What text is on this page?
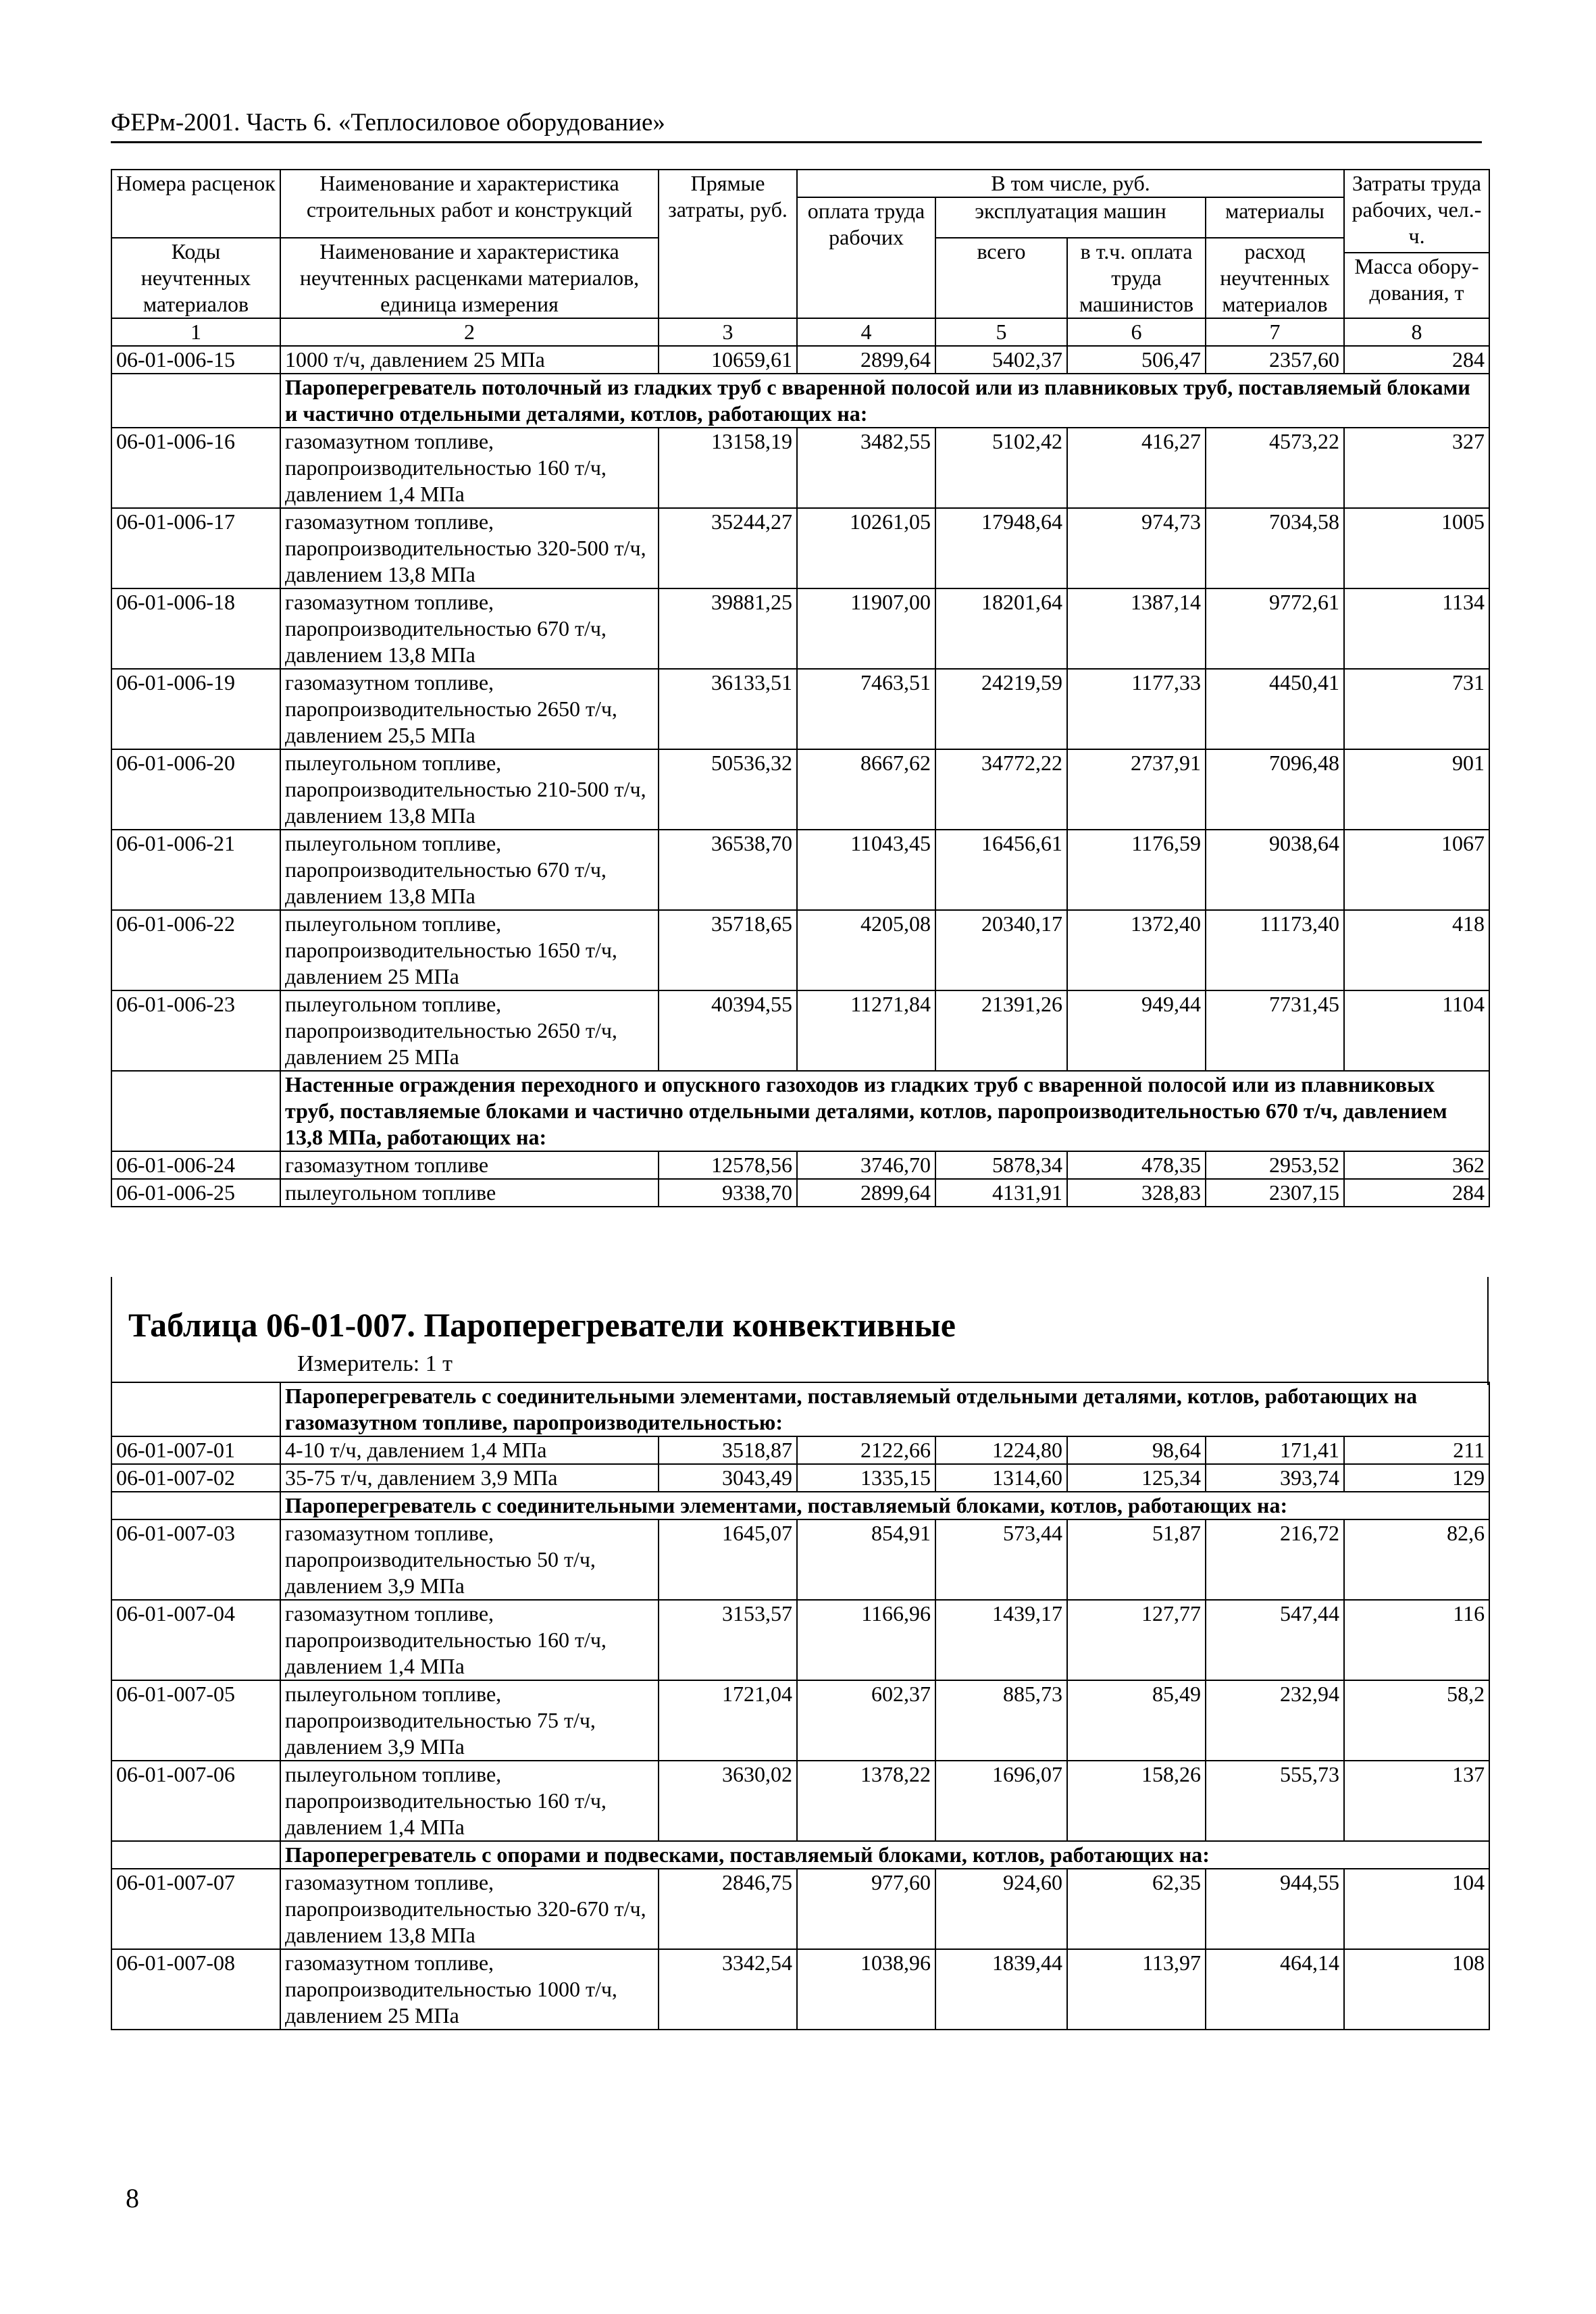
ФЕРм-2001. Часть 6. «Теплосиловое оборудование»
Номера расценок	Наименование и характеристика строительных работ и конструкций	Прямые затраты, руб.	В том числе, руб.				Затраты труда рабочих, чел.-ч.
			оплата труда рабочих	эксплуатация машин		материалы	
Коды неучтенных материалов	Наименование и характеристика неучтенных расценками материалов, единица измерения			всего	в т.ч. оплата труда машинистов	расход неучтенных материалов	
							Масса обору-дования, т
1	2	3	4	5	6	7	8
06-01-006-15	1000 т/ч, давлением 25 МПа	10659,61	2899,64	5402,37	506,47	2357,60	284
	Пароперегреватель потолочный из гладких труб с вваренной полосой или из плавниковых труб, поставляемый блоками и частично отдельными деталями, котлов, работающих на:						
06-01-006-16	газомазутном топливе, паропроизводительностью 160 т/ч, давлением 1,4 МПа	13158,19	3482,55	5102,42	416,27	4573,22	327
06-01-006-17	газомазутном топливе, паропроизводительностью 320-500 т/ч, давлением 13,8 МПа	35244,27	10261,05	17948,64	974,73	7034,58	1005
06-01-006-18	газомазутном топливе, паропроизводительностью 670 т/ч, давлением 13,8 МПа	39881,25	11907,00	18201,64	1387,14	9772,61	1134
06-01-006-19	газомазутном топливе, паропроизводительностью 2650 т/ч, давлением 25,5 МПа	36133,51	7463,51	24219,59	1177,33	4450,41	731
06-01-006-20	пылеугольном топливе, паропроизводительностью 210-500 т/ч, давлением 13,8 МПа	50536,32	8667,62	34772,22	2737,91	7096,48	901
06-01-006-21	пылеугольном топливе, паропроизводительностью 670 т/ч, давлением 13,8 МПа	36538,70	11043,45	16456,61	1176,59	9038,64	1067
06-01-006-22	пылеугольном топливе, паропроизводительностью 1650 т/ч, давлением 25 МПа	35718,65	4205,08	20340,17	1372,40	11173,40	418
06-01-006-23	пылеугольном топливе, паропроизводительностью 2650 т/ч, давлением 25 МПа	40394,55	11271,84	21391,26	949,44	7731,45	1104
	Настенные ограждения переходного и опускного газоходов из гладких труб с вваренной полосой или из плавниковых труб, поставляемые блоками и частично отдельными деталями, котлов, паропроизводительностью 670 т/ч, давлением 13,8 МПа, работающих на:						
06-01-006-24	газомазутном топливе	12578,56	3746,70	5878,34	478,35	2953,52	362
06-01-006-25	пылеугольном топливе	9338,70	2899,64	4131,91	328,83	2307,15	284
Таблица 06-01-007. Пароперегреватели конвективные
Измеритель: 1 т
	Пароперегреватель с соединительными элементами, поставляемый отдельными деталями, котлов, работающих на газомазутном топливе, паропроизводительностью:						
06-01-007-01	4-10 т/ч, давлением 1,4 МПа	3518,87	2122,66	1224,80	98,64	171,41	211
06-01-007-02	35-75 т/ч, давлением 3,9 МПа	3043,49	1335,15	1314,60	125,34	393,74	129
	Пароперегреватель с соединительными элементами, поставляемый блоками, котлов, работающих на:						
06-01-007-03	газомазутном топливе, паропроизводительностью 50 т/ч, давлением 3,9 МПа	1645,07	854,91	573,44	51,87	216,72	82,6
06-01-007-04	газомазутном топливе, паропроизводительностью 160 т/ч, давлением 1,4 МПа	3153,57	1166,96	1439,17	127,77	547,44	116
06-01-007-05	пылеугольном топливе, паропроизводительностью 75 т/ч, давлением 3,9 МПа	1721,04	602,37	885,73	85,49	232,94	58,2
06-01-007-06	пылеугольном топливе, паропроизводительностью 160 т/ч, давлением 1,4 МПа	3630,02	1378,22	1696,07	158,26	555,73	137
	Пароперегреватель с опорами и подвесками, поставляемый блоками, котлов, работающих на:						
06-01-007-07	газомазутном топливе, паропроизводительностью 320-670 т/ч, давлением 13,8 МПа	2846,75	977,60	924,60	62,35	944,55	104
06-01-007-08	газомазутном топливе, паропроизводительностью 1000 т/ч, давлением 25 МПа	3342,54	1038,96	1839,44	113,97	464,14	108
8
